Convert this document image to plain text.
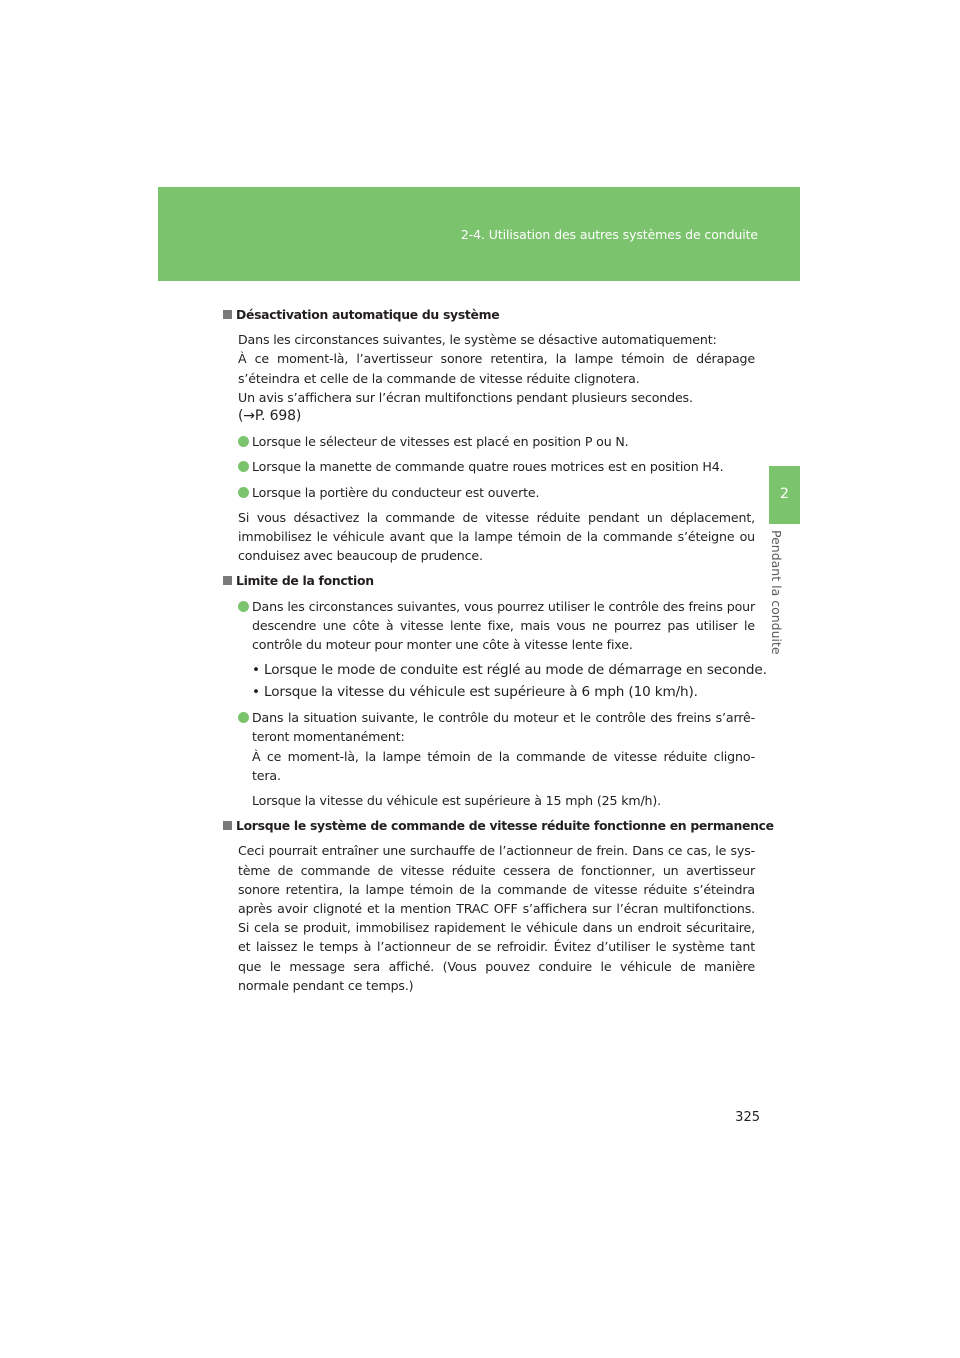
2-4. Utilisation des autres systèmes de conduite
2
Pendant la conduite
Désactivation automatique du système
Dans les circonstances suivantes, le système se désactive automatiquement:
À ce moment-là, l’avertisseur sonore retentira, la lampe témoin de dérapage s’éteindra et celle de la commande de vitesse réduite clignotera.
Un avis s’affichera sur l’écran multifonctions pendant plusieurs secondes.
(→P. 698)
Lorsque le sélecteur de vitesses est placé en position P ou N.
Lorsque la manette de commande quatre roues motrices est en position H4.
Lorsque la portière du conducteur est ouverte.
Si vous désactivez la commande de vitesse réduite pendant un déplacement, immobilisez le véhicule avant que la lampe témoin de la commande s’éteigne ou conduisez avec beaucoup de prudence.
Limite de la fonction
Dans les circonstances suivantes, vous pourrez utiliser le contrôle des freins pour descendre une côte à vitesse lente fixe, mais vous ne pourrez pas utiliser le contrôle du moteur pour monter une côte à vitesse lente fixe.
• Lorsque le mode de conduite est réglé au mode de démarrage en seconde.
• Lorsque la vitesse du véhicule est supérieure à 6 mph (10 km/h).
Dans la situation suivante, le contrôle du moteur et le contrôle des freins s’arrê- teront momentanément:
À ce moment-là, la lampe témoin de la commande de vitesse réduite cligno- tera.
Lorsque la vitesse du véhicule est supérieure à 15 mph (25 km/h).
Lorsque le système de commande de vitesse réduite fonctionne en permanence
Ceci pourrait entraîner une surchauffe de l’actionneur de frein. Dans ce cas, le sys- tème de commande de vitesse réduite cessera de fonctionner, un avertisseur sonore retentira, la lampe témoin de la commande de vitesse réduite s’éteindra après avoir clignoté et la mention TRAC OFF s’affichera sur l’écran multifonctions. Si cela se produit, immobilisez rapidement le véhicule dans un endroit sécuritaire, et laissez le temps à l’actionneur de se refroidir. Évitez d’utiliser le système tant que le message sera affiché. (Vous pouvez conduire le véhicule de manière normale pendant ce temps.)
325
